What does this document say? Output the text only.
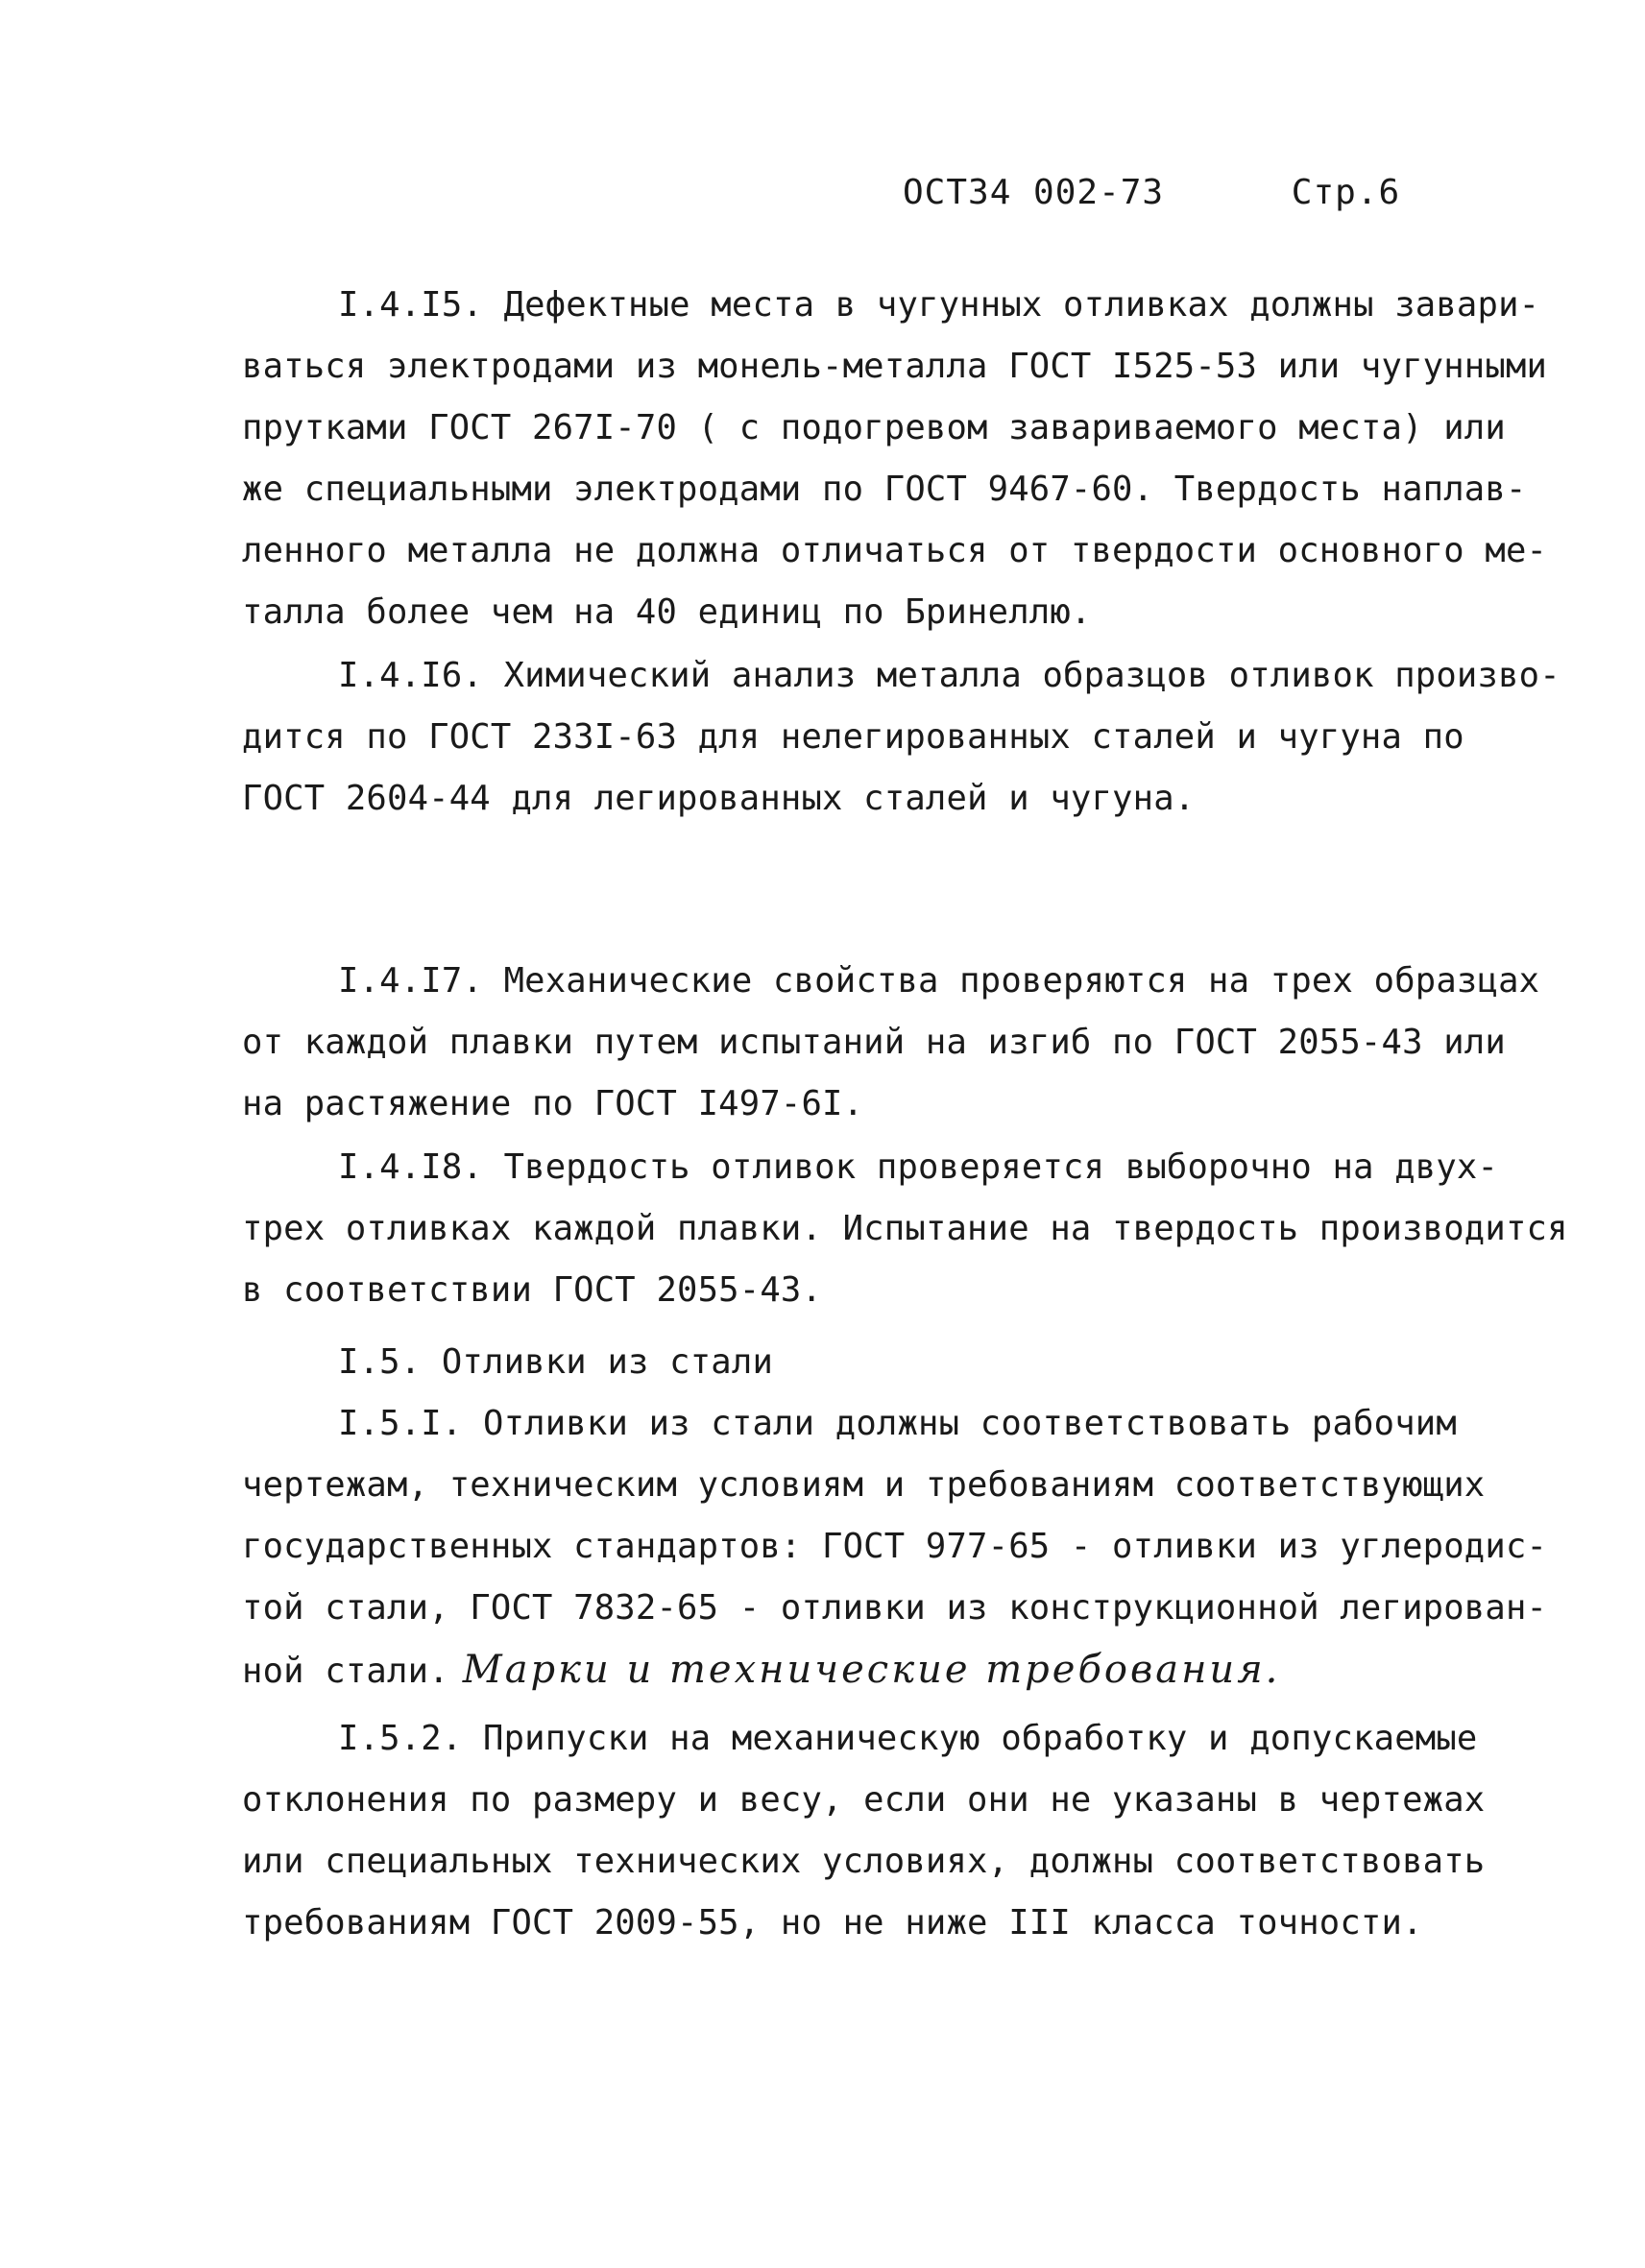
ОСТ34 002-73	Стр.6
I.4.I5. Дефектные места в чугунных отливках должны завари-
ваться электродами из монель-металла ГОСТ I525-53 или чугунными
прутками ГОСТ 267I-70 ( с подогревом завариваемого места) или
же специальными электродами по ГОСТ 9467-60. Твердость наплав-
ленного металла не должна отличаться от твердости основного ме-
талла более чем на 40 единиц по Бринеллю.
I.4.I6. Химический анализ металла образцов отливок произво-
дится по ГОСТ 233I-63 для нелегированных сталей и чугуна по
ГОСТ 2604-44 для легированных сталей и чугуна.
I.4.I7. Механические свойства проверяются на трех образцах
от каждой плавки путем испытаний на изгиб по ГОСТ 2055-43 или
на растяжение по ГОСТ I497-6I.
I.4.I8. Твердость отливок проверяется выборочно на двух-
трех отливках каждой плавки. Испытание на твердость производится
в соответствии ГОСТ 2055-43.
I.5. Отливки из стали
I.5.I. Отливки из стали должны соответствовать рабочим
чертежам, техническим условиям и требованиям соответствующих
государственных стандартов: ГОСТ 977-65 - отливки из углеродис-
той стали, ГОСТ 7832-65 - отливки из конструкционной легирован-
ной стали. Марки и технические требования.
I.5.2. Припуски на механическую обработку и допускаемые
отклонения по размеру и весу, если они не указаны в чертежах
или специальных технических условиях, должны соответствовать
требованиям ГОСТ 2009-55, но не ниже III класса точности.
